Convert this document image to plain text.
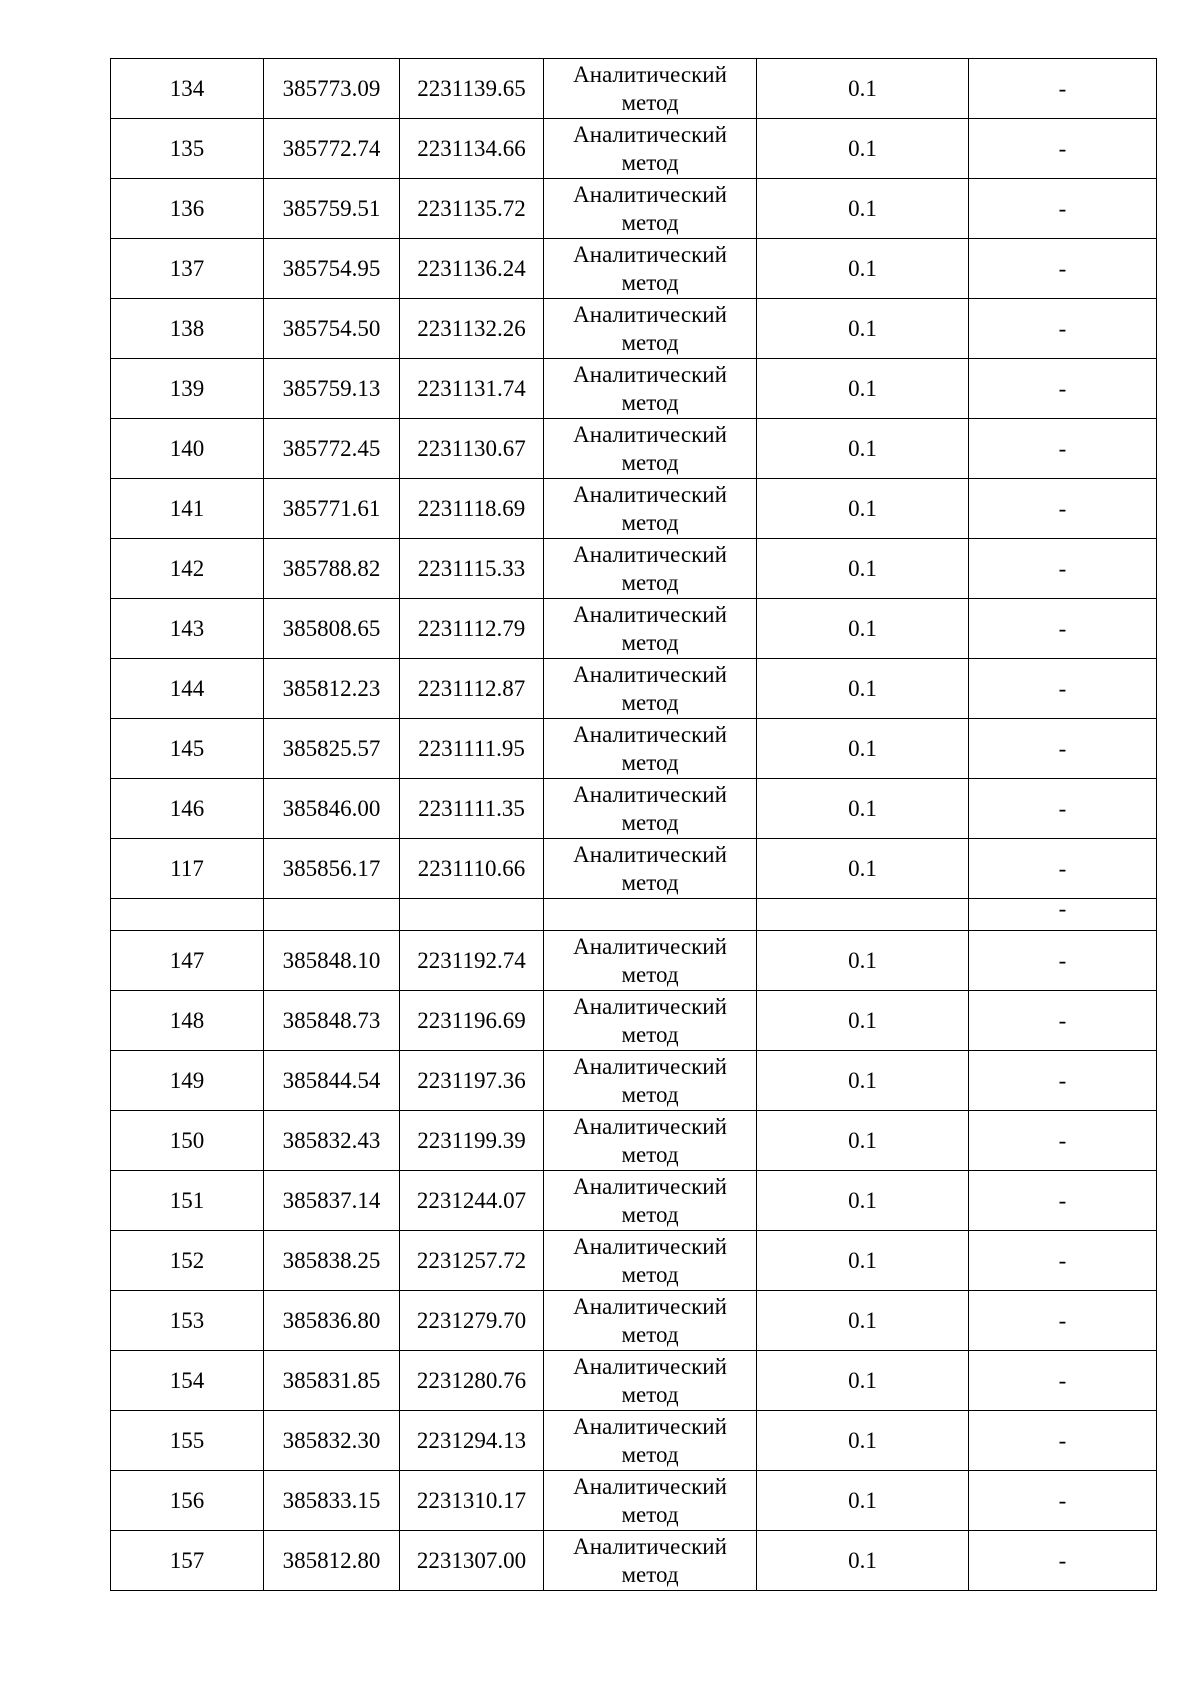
134	385773.09	2231139.65	Аналитический
метод	0.1	-
135	385772.74	2231134.66	Аналитический
метод	0.1	-
136	385759.51	2231135.72	Аналитический
метод	0.1	-
137	385754.95	2231136.24	Аналитический
метод	0.1	-
138	385754.50	2231132.26	Аналитический
метод	0.1	-
139	385759.13	2231131.74	Аналитический
метод	0.1	-
140	385772.45	2231130.67	Аналитический
метод	0.1	-
141	385771.61	2231118.69	Аналитический
метод	0.1	-
142	385788.82	2231115.33	Аналитический
метод	0.1	-
143	385808.65	2231112.79	Аналитический
метод	0.1	-
144	385812.23	2231112.87	Аналитический
метод	0.1	-
145	385825.57	2231111.95	Аналитический
метод	0.1	-
146	385846.00	2231111.35	Аналитический
метод	0.1	-
117	385856.17	2231110.66	Аналитический
метод	0.1	-
					-
147	385848.10	2231192.74	Аналитический
метод	0.1	-
148	385848.73	2231196.69	Аналитический
метод	0.1	-
149	385844.54	2231197.36	Аналитический
метод	0.1	-
150	385832.43	2231199.39	Аналитический
метод	0.1	-
151	385837.14	2231244.07	Аналитический
метод	0.1	-
152	385838.25	2231257.72	Аналитический
метод	0.1	-
153	385836.80	2231279.70	Аналитический
метод	0.1	-
154	385831.85	2231280.76	Аналитический
метод	0.1	-
155	385832.30	2231294.13	Аналитический
метод	0.1	-
156	385833.15	2231310.17	Аналитический
метод	0.1	-
157	385812.80	2231307.00	Аналитический
метод	0.1	-
